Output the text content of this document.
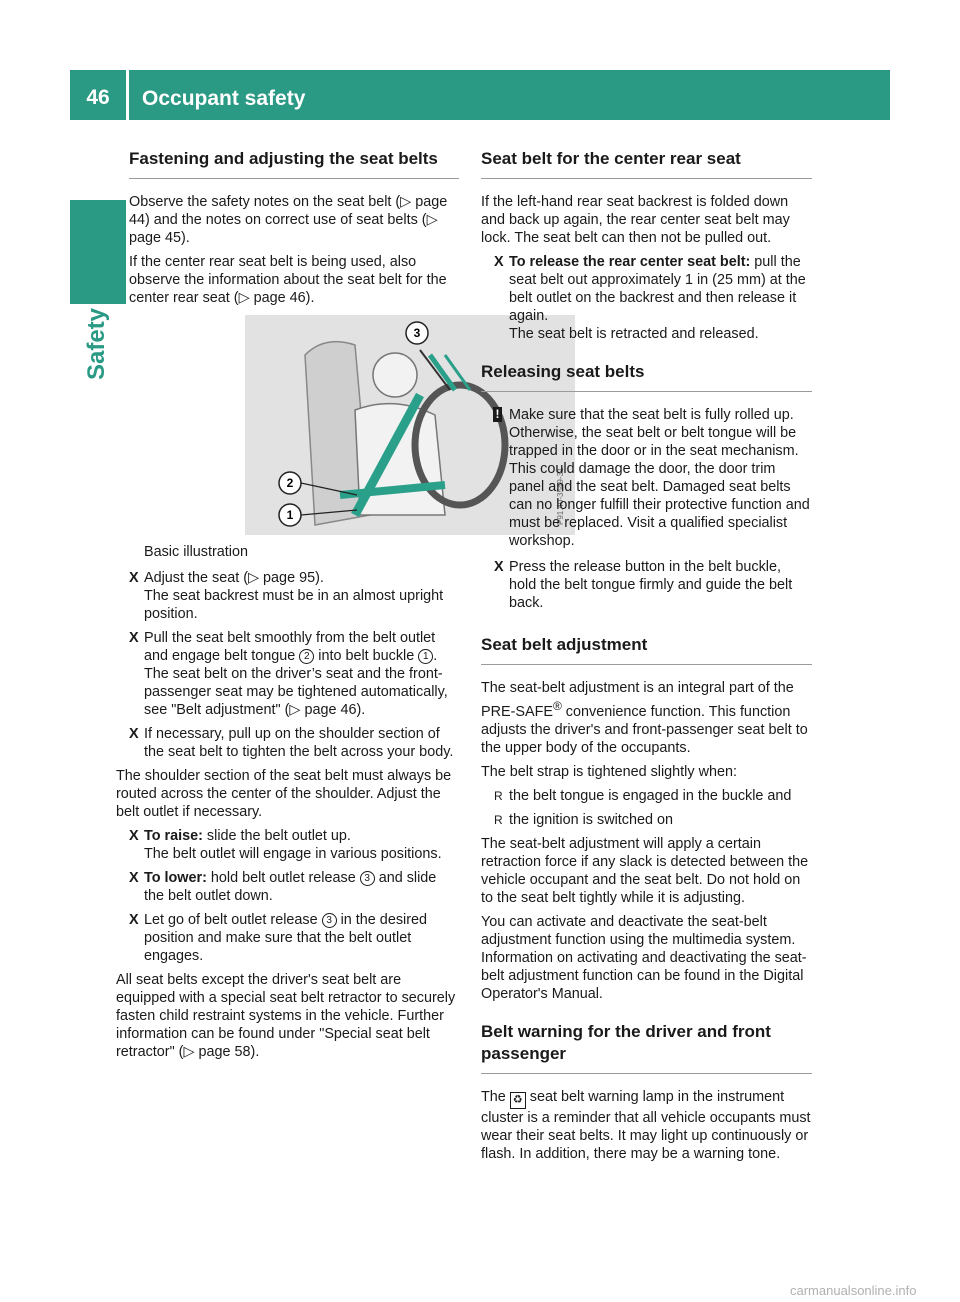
46	Occupant safety
Safety
Fastening and adjusting the seat belts

Observe the safety notes on the seat belt (▷ page 44) and the notes on correct use of seat belts (▷ page 45).

If the center rear seat belt is being used, also observe the information about the seat belt for the center rear seat (▷ page 46).

2
1
3
P91.40-3549-31

Basic illustration

X Adjust the seat (▷ page 95).
The seat backrest must be in an almost upright position.
X Pull the seat belt smoothly from the belt outlet and engage belt tongue 2 into belt buckle 1 .
The seat belt on the driver’s seat and the front-passenger seat may be tightened automatically, see "Belt adjustment" (▷ page 46).
X If necessary, pull up on the shoulder section of the seat belt to tighten the belt across your body.

The shoulder section of the seat belt must always be routed across the center of the shoulder. Adjust the belt outlet if necessary.

X To raise: slide the belt outlet up.
The belt outlet will engage in various positions.
X To lower: hold belt outlet release 3 and slide the belt outlet down.
X Let go of belt outlet release 3 in the desired position and make sure that the belt outlet engages.

All seat belts except the driver's seat belt are equipped with a special seat belt retractor to securely fasten child restraint systems in the vehicle. Further information can be found under "Special seat belt retractor" (▷ page 58).

Seat belt for the center rear seat

If the left-hand rear seat backrest is folded down and back up again, the rear center seat belt may lock. The seat belt can then not be pulled out.

X To release the rear center seat belt: pull the seat belt out approximately 1 in (25 mm) at the belt outlet on the backrest and then release it again.
The seat belt is retracted and released.
Releasing seat belts
! Make sure that the seat belt is fully rolled up. Otherwise, the seat belt or belt tongue will be trapped in the door or in the seat mechanism. This could damage the door, the door trim panel and the seat belt. Damaged seat belts can no longer fulfill their protective function and must be replaced. Visit a qualified specialist workshop.
X Press the release button in the belt buckle, hold the belt tongue firmly and guide the belt back.
Seat belt adjustment

The seat-belt adjustment is an integral part of the PRE-SAFE® convenience function. This function adjusts the driver's and front-passenger seat belt to the upper body of the occupants.

The belt strap is tightened slightly when:

R the belt tongue is engaged in the buckle and
R the ignition is switched on

The seat-belt adjustment will apply a certain retraction force if any slack is detected between the vehicle occupant and the seat belt. Do not hold on to the seat belt tightly while it is adjusting.

You can activate and deactivate the seat-belt adjustment function using the multimedia system. Information on activating and deactivating the seat-belt adjustment function can be found in the Digital Operator's Manual.

Belt warning for the driver and front passenger

The ♻ seat belt warning lamp in the instrument cluster is a reminder that all vehicle occupants must wear their seat belts. It may light up continuously or flash. In addition, there may be a warning tone.

carmanualsonline.info
